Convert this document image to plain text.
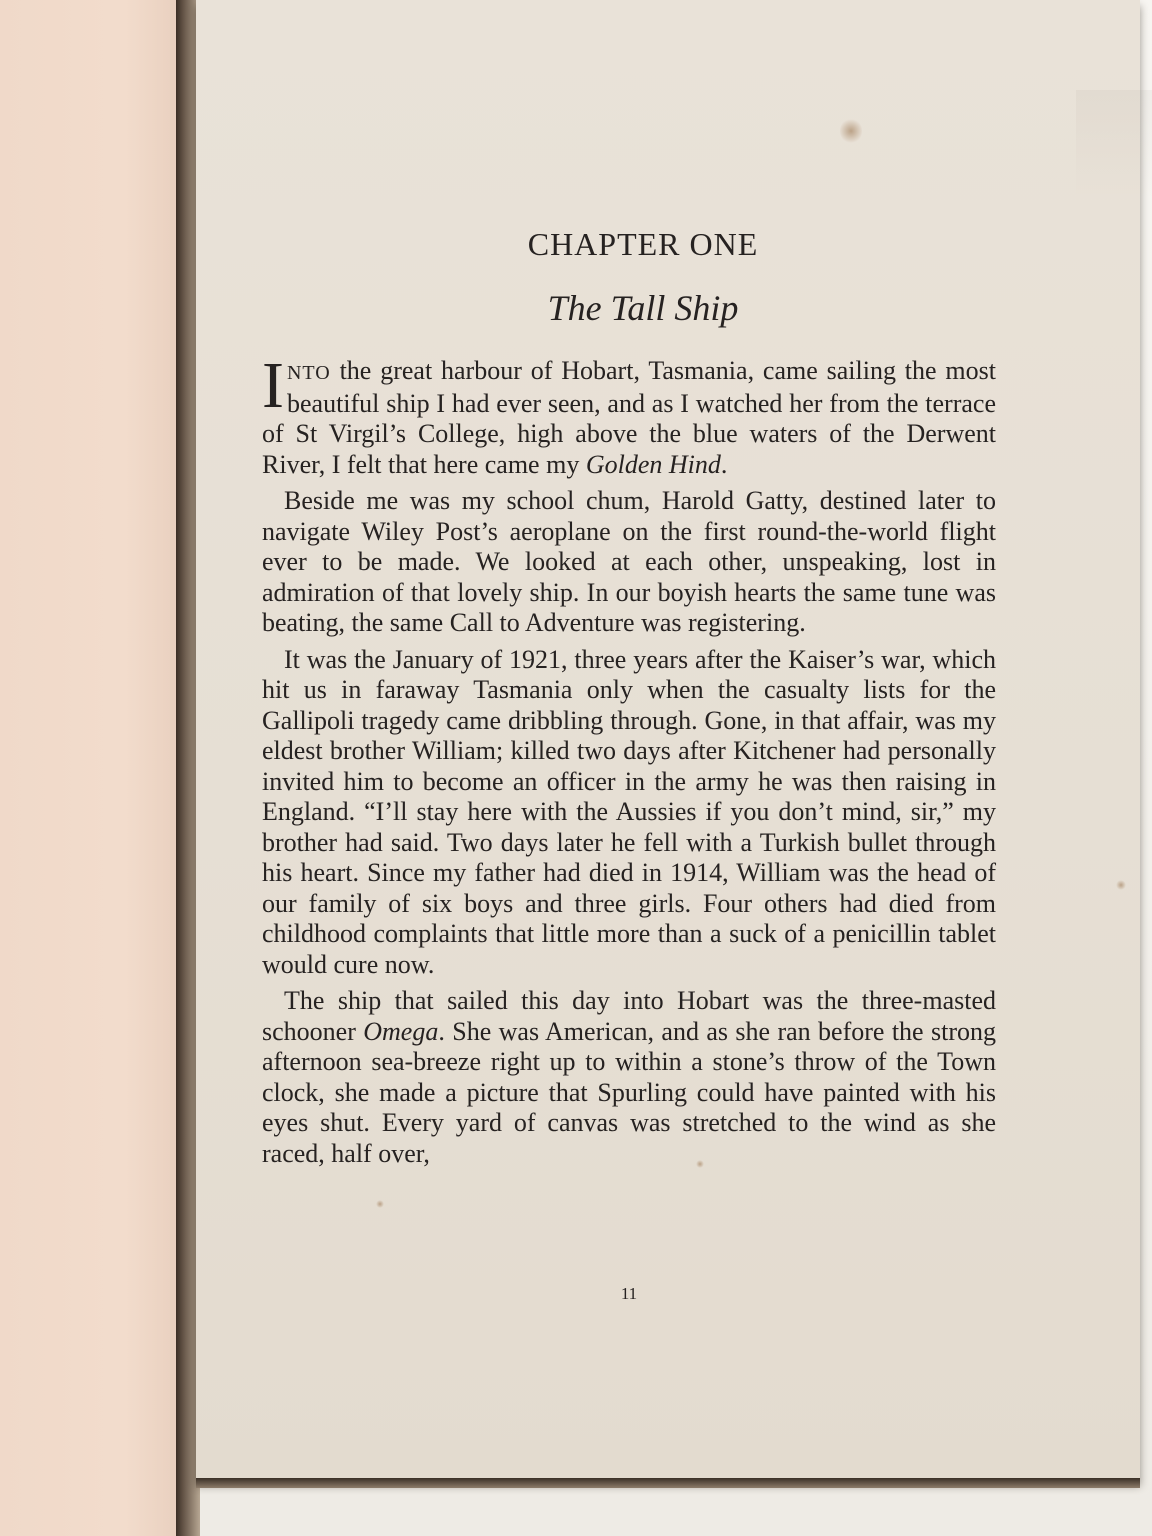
CHAPTER ONE
The Tall Ship

INTO the great harbour of Hobart, Tasmania, came sailing the most beautiful ship I had ever seen, and as I watched her from the terrace of St Virgil’s College, high above the blue waters of the Derwent River, I felt that here came my Golden Hind.

Beside me was my school chum, Harold Gatty, destined later to navigate Wiley Post’s aeroplane on the first round-the-world flight ever to be made. We looked at each other, unspeaking, lost in admiration of that lovely ship. In our boyish hearts the same tune was beating, the same Call to Adventure was registering.

It was the January of 1921, three years after the Kaiser’s war, which hit us in faraway Tasmania only when the casualty lists for the Gallipoli tragedy came dribbling through. Gone, in that affair, was my eldest brother William; killed two days after Kitchener had personally invited him to become an officer in the army he was then raising in England. “I’ll stay here with the Aussies if you don’t mind, sir,” my brother had said. Two days later he fell with a Turkish bullet through his heart. Since my father had died in 1914, William was the head of our family of six boys and three girls. Four others had died from childhood complaints that little more than a suck of a penicillin tablet would cure now.

The ship that sailed this day into Hobart was the three-masted schooner Omega. She was American, and as she ran before the strong afternoon sea-breeze right up to within a stone’s throw of the Town clock, she made a picture that Spurling could have painted with his eyes shut. Every yard of canvas was stretched to the wind as she raced, half over,

11
